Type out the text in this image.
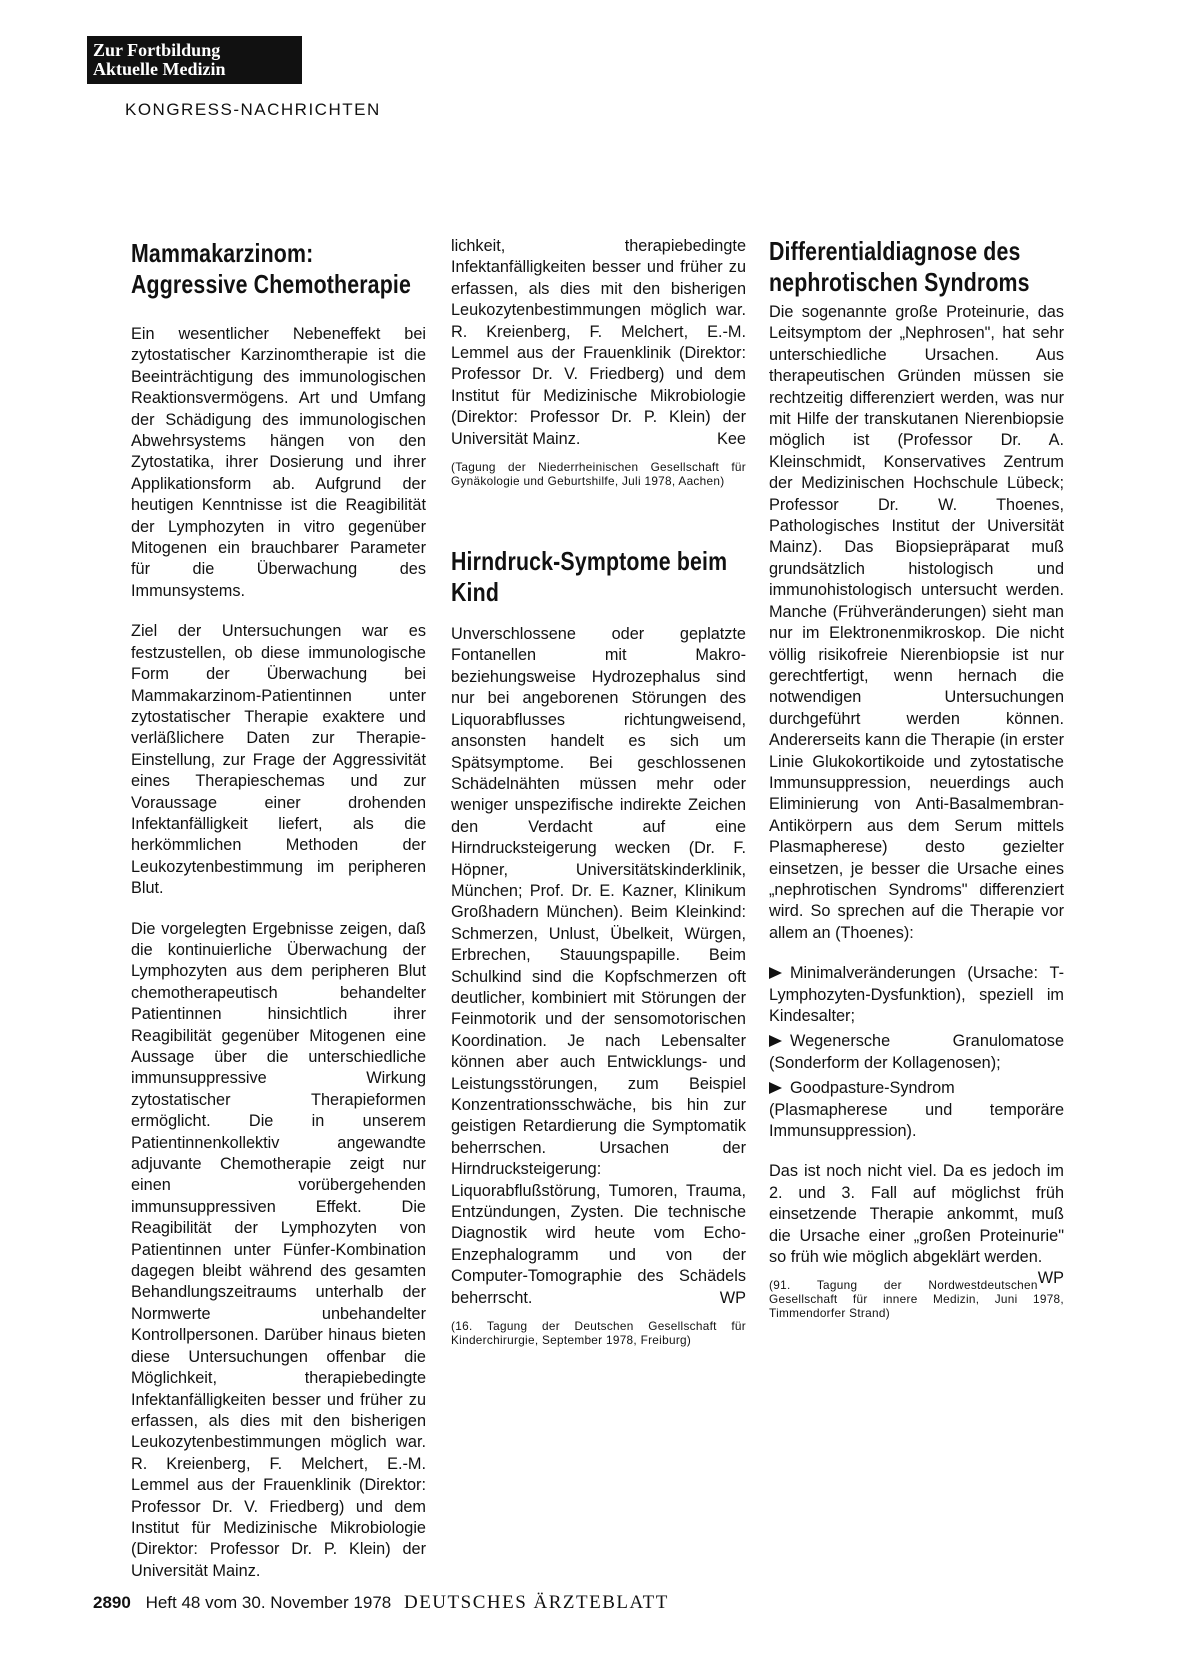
Zur Fortbildung
Aktuelle Medizin
KONGRESS-NACHRICHTEN
Mammakarzinom: Aggressive Chemotherapie

Ein wesentlicher Nebeneffekt bei zytostatischer Karzinomtherapie ist die Beeinträchtigung des immunologischen Reaktionsvermögens. Art und Umfang der Schädigung des immunologischen Abwehrsystems hängen von den Zytostatika, ihrer Dosierung und ihrer Applikationsform ab. Aufgrund der heutigen Kenntnisse ist die Reagibilität der Lymphozyten in vitro gegenüber Mitogenen ein brauchbarer Parameter für die Überwachung des Immunsystems.

Ziel der Untersuchungen war es festzustellen, ob diese immunologische Form der Überwachung bei Mammakarzinom-Patientinnen unter zytostatischer Therapie exaktere und verläßlichere Daten zur Therapie-Einstellung, zur Frage der Aggressivität eines Therapieschemas und zur Voraussage einer drohenden Infektanfälligkeit liefert, als die herkömmlichen Methoden der Leukozytenbestimmung im peripheren Blut.

Die vorgelegten Ergebnisse zeigen, daß die kontinuierliche Überwachung der Lymphozyten aus dem peripheren Blut chemotherapeutisch behandelter Patientinnen hinsichtlich ihrer Reagibilität gegenüber Mitogenen eine Aussage über die unterschiedliche immunsuppressive Wirkung zytostatischer Therapieformen ermöglicht. Die in unserem Patientinnenkollektiv angewandte adjuvante Chemotherapie zeigt nur einen vorübergehenden immunsuppressiven Effekt. Die Reagibilität der Lymphozyten von Patientinnen unter Fünfer-Kombination dagegen bleibt während des gesamten Behandlungszeitraums unterhalb der Normwerte unbehandelter Kontrollpersonen. Darüber hinaus bieten diese Untersuchungen offenbar die Möglichkeit, therapiebedingte Infektanfälligkeiten besser und früher zu erfassen, als dies mit den bisherigen Leukozytenbestimmungen möglich war. R. Kreienberg, F. Melchert, E.-M. Lemmel aus der Frauenklinik (Direktor: Professor Dr. V. Friedberg) und dem Institut für Medizinische Mikrobiologie (Direktor: Professor Dr. P. Klein) der Universität Mainz.

lichkeit, therapiebedingte Infektanfälligkeiten besser und früher zu erfassen, als dies mit den bisherigen Leukozytenbestimmungen möglich war. R. Kreienberg, F. Melchert, E.-M. Lemmel aus der Frauenklinik (Direktor: Professor Dr. V. Friedberg) und dem Institut für Medizinische Mikrobiologie (Direktor: Professor Dr. P. Klein) der Universität Mainz.	Kee

(Tagung der Niederrheinischen Gesellschaft für Gynäkologie und Geburtshilfe, Juli 1978, Aachen)

Hirndruck-Symptome beim Kind

Unverschlossene oder geplatzte Fontanellen mit Makro- beziehungsweise Hydrozephalus sind nur bei angeborenen Störungen des Liquorabflusses richtungweisend, ansonsten handelt es sich um Spätsymptome. Bei geschlossenen Schädelnähten müssen mehr oder weniger unspezifische indirekte Zeichen den Verdacht auf eine Hirndrucksteigerung wecken (Dr. F. Höpner, Universitätskinderklinik, München; Prof. Dr. E. Kazner, Klinikum Großhadern München). Beim Kleinkind: Schmerzen, Unlust, Übelkeit, Würgen, Erbrechen, Stauungspapille. Beim Schulkind sind die Kopfschmerzen oft deutlicher, kombiniert mit Störungen der Feinmotorik und der sensomotorischen Koordination. Je nach Lebensalter können aber auch Entwicklungs- und Leistungsstörungen, zum Beispiel Konzentrationsschwäche, bis hin zur geistigen Retardierung die Symptomatik beherrschen. Ursachen der Hirndrucksteigerung: Liquorabflußstörung, Tumoren, Trauma, Entzündungen, Zysten. Die technische Diagnostik wird heute vom Echo-Enzephalogramm und von der Computer-Tomographie des Schädels beherrscht.	WP

(16. Tagung der Deutschen Gesellschaft für Kinderchirurgie, September 1978, Freiburg)

Differentialdiagnose des nephrotischen Syndroms

Die sogenannte große Proteinurie, das Leitsymptom der „Nephrosen", hat sehr unterschiedliche Ursachen. Aus therapeutischen Gründen müssen sie rechtzeitig differenziert werden, was nur mit Hilfe der transkutanen Nierenbiopsie möglich ist (Professor Dr. A. Kleinschmidt, Konservatives Zentrum der Medizinischen Hochschule Lübeck; Professor Dr. W. Thoenes, Pathologisches Institut der Universität Mainz). Das Biopsiepräparat muß grundsätzlich histologisch und immunohistologisch untersucht werden. Manche (Frühveränderungen) sieht man nur im Elektronenmikroskop. Die nicht völlig risikofreie Nierenbiopsie ist nur gerechtfertigt, wenn hernach die notwendigen Untersuchungen durchgeführt werden können. Andererseits kann die Therapie (in erster Linie Glukokortikoide und zytostatische Immunsuppression, neuerdings auch Eliminierung von Anti-Basalmembran-Antikörpern aus dem Serum mittels Plasmapherese) desto gezielter einsetzen, je besser die Ursache eines „nephrotischen Syndroms" differenziert wird. So sprechen auf die Therapie vor allem an (Thoenes):

Minimalveränderungen (Ursache: T-Lymphozyten-Dysfunktion), speziell im Kindesalter;
Wegenersche Granulomatose (Sonderform der Kollagenosen);
Goodpasture-Syndrom (Plasmapherese und temporäre Immunsuppression).

Das ist noch nicht viel. Da es jedoch im 2. und 3. Fall auf möglichst früh einsetzende Therapie ankommt, muß die Ursache einer „großen Proteinurie" so früh wie möglich abgeklärt werden.
WP

(91. Tagung der Nordwestdeutschen Gesellschaft für innere Medizin, Juni 1978, Timmendorfer Strand)

2890 Heft 48 vom 30. November 1978 DEUTSCHES ÄRZTEBLATT
